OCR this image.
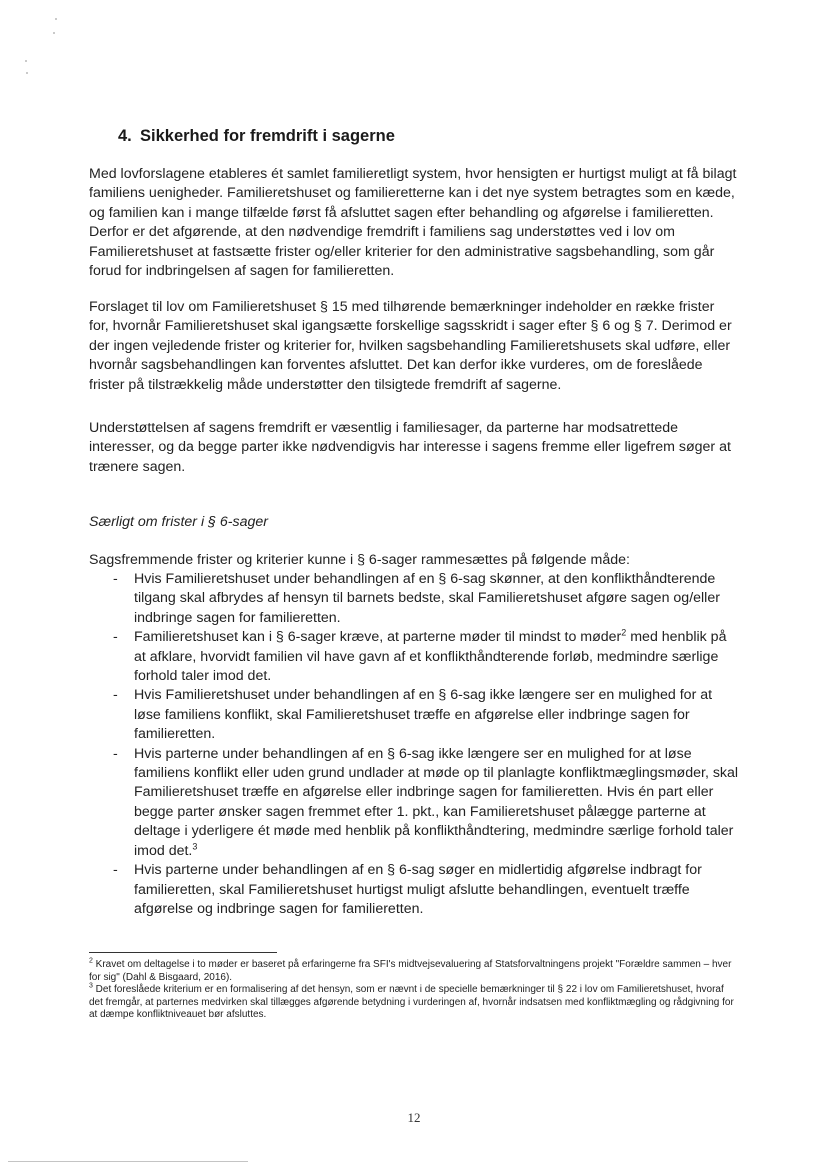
4. Sikkerhed for fremdrift i sagerne

Med lovforslagene etableres ét samlet familieretligt system, hvor hensigten er hurtigst muligt at få bilagt familiens uenigheder. Familieretshuset og familieretterne kan i det nye system betragtes som en kæde, og familien kan i mange tilfælde først få afsluttet sagen efter behandling og afgørelse i familieretten. Derfor er det afgørende, at den nødvendige fremdrift i familiens sag understøttes ved i lov om Familieretshuset at fastsætte frister og/eller kriterier for den administrative sagsbehandling, som går forud for indbringelsen af sagen for familieretten.

Forslaget til lov om Familieretshuset § 15 med tilhørende bemærkninger indeholder en række frister for, hvornår Familieretshuset skal igangsætte forskellige sagsskridt i sager efter § 6 og § 7. Derimod er der ingen vejledende frister og kriterier for, hvilken sagsbehandling Familieretshusets skal udføre, eller hvornår sagsbehandlingen kan forventes afsluttet. Det kan derfor ikke vurderes, om de foreslåede frister på tilstrækkelig måde understøtter den tilsigtede fremdrift af sagerne.

Understøttelsen af sagens fremdrift er væsentlig i familiesager, da parterne har modsatrettede interesser, og da begge parter ikke nødvendigvis har interesse i sagens fremme eller ligefrem søger at trænere sagen.

Særligt om frister i § 6-sager

Sagsfremmende frister og kriterier kunne i § 6-sager rammesættes på følgende måde:

- Hvis Familieretshuset under behandlingen af en § 6-sag skønner, at den konflikthåndterende tilgang skal afbrydes af hensyn til barnets bedste, skal Familieretshuset afgøre sagen og/eller indbringe sagen for familieretten.
- Familieretshuset kan i § 6-sager kræve, at parterne møder til mindst to møder$^2$ med henblik på at afklare, hvorvidt familien vil have gavn af et konflikthåndterende forløb, medmindre særlige forhold taler imod det.
- Hvis Familieretshuset under behandlingen af en § 6-sag ikke længere ser en mulighed for at løse familiens konflikt, skal Familieretshuset træffe en afgørelse eller indbringe sagen for familieretten.
- Hvis parterne under behandlingen af en § 6-sag ikke længere ser en mulighed for at løse familiens konflikt eller uden grund undlader at møde op til planlagte konfliktmæglingsmøder, skal Familieretshuset træffe en afgørelse eller indbringe sagen for familieretten. Hvis én part eller begge parter ønsker sagen fremmet efter 1. pkt., kan Familieretshuset pålægge parterne at deltage i yderligere ét møde med henblik på konflikthåndtering, medmindre særlige forhold taler imod det.$^3$
- Hvis parterne under behandlingen af en § 6-sag søger en midlertidig afgørelse indbragt for familieretten, skal Familieretshuset hurtigst muligt afslutte behandlingen, eventuelt træffe afgørelse og indbringe sagen for familieretten.

$^2$ Kravet om deltagelse i to møder er baseret på erfaringerne fra SFI's midtvejsevaluering af Statsforvaltningens projekt "Forældre sammen – hver for sig" (Dahl & Bisgaard, 2016).

$^3$ Det foreslåede kriterium er en formalisering af det hensyn, som er nævnt i de specielle bemærkninger til § 22 i lov om Familieretshuset, hvoraf det fremgår, at parternes medvirken skal tillægges afgørende betydning i vurderingen af, hvornår indsatsen med konfliktmægling og rådgivning for at dæmpe konfliktniveauet bør afsluttes.

12
